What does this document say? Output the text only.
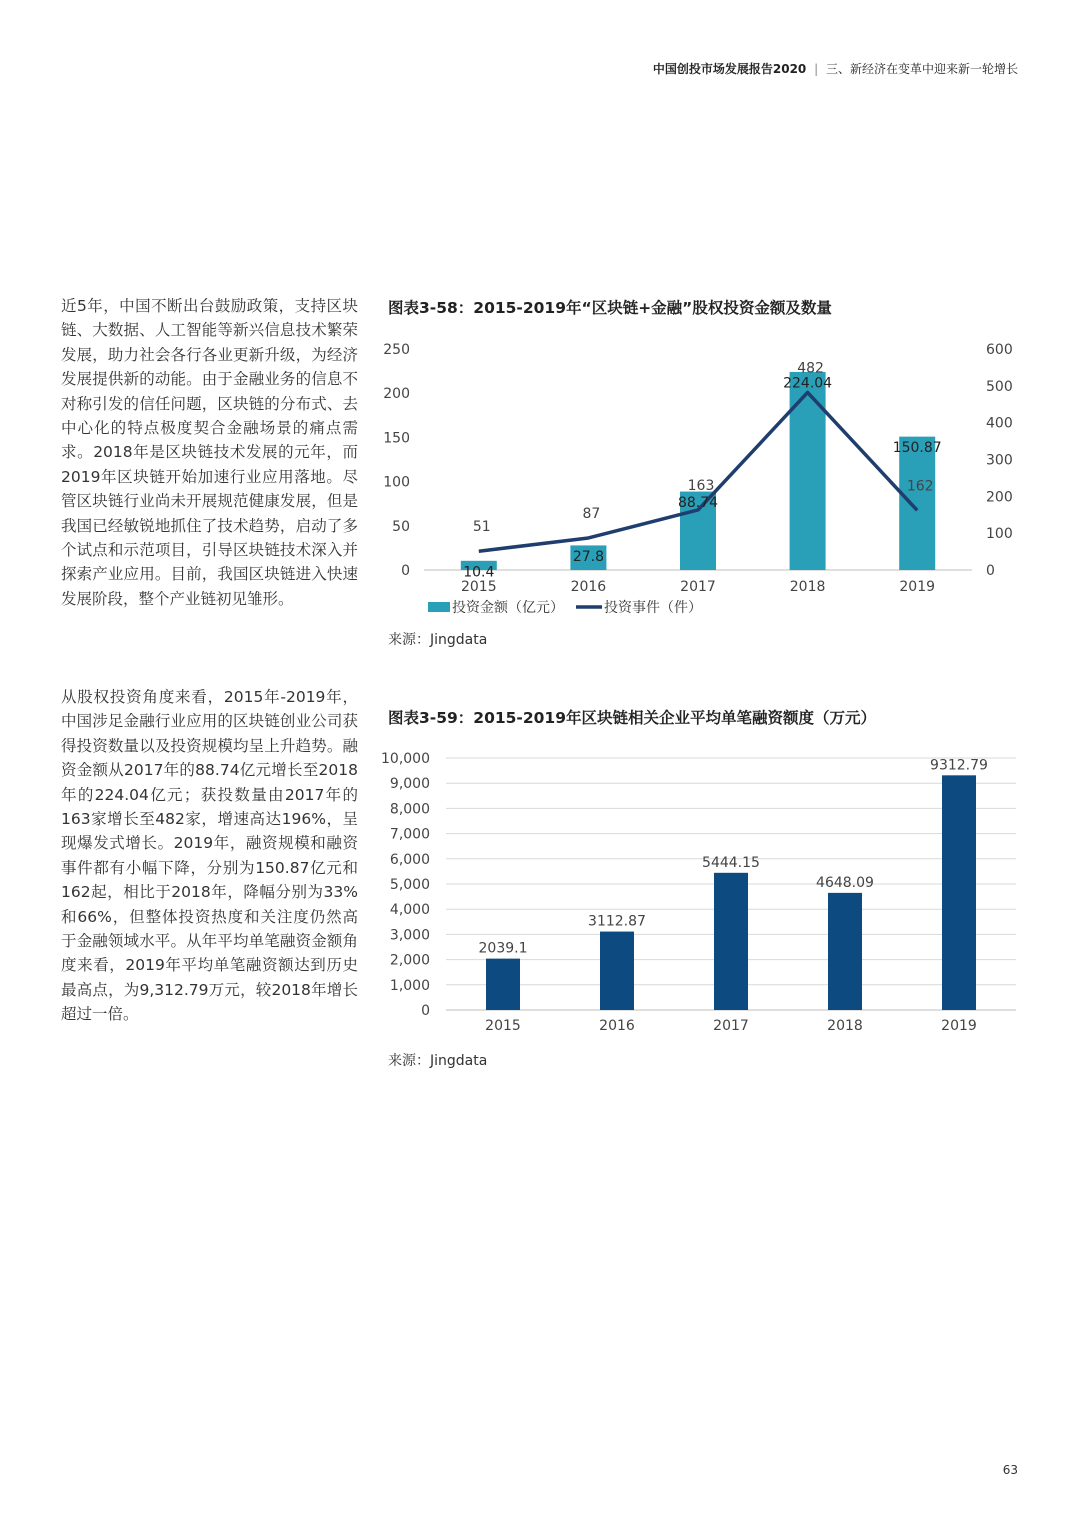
中国创投市场发展报告2020 | 三、新经济在变革中迎来新一轮增长

近5年，中国不断出台鼓励政策，支持区块链、大数据、人工智能等新兴信息技术繁荣发展，助力社会各行各业更新升级，为经济发展提供新的动能。由于金融业务的信息不对称引发的信任问题，区块链的分布式、去中心化的特点极度契合金融场景的痛点需求。2018年是区块链技术发展的元年，而2019年区块链开始加速行业应用落地。尽管区块链行业尚未开展规范健康发展，但是我国已经敏锐地抓住了技术趋势，启动了多个试点和示范项目，引导区块链技术深入并探索产业应用。目前，我国区块链进入快速发展阶段，整个产业链初见雏形。

从股权投资角度来看，2015年-2019年，中国涉足金融行业应用的区块链创业公司获得投资数量以及投资规模均呈上升趋势。融资金额从2017年的88.74亿元增长至2018年的224.04亿元；获投数量由2017年的163家增长至482家，增速高达196%，呈现爆发式增长。2019年，融资规模和融资事件都有小幅下降，分别为150.87亿元和162起，相比于2018年，降幅分别为33%和66%，但整体投资热度和关注度仍然高于金融领域水平。从年平均单笔融资金额角度来看，2019年平均单笔融资额达到历史最高点，为9,312.79万元，较2018年增长超过一倍。

图表3-58：2015-2019年“区块链+金融”股权投资金额及数量
0
50
100
150
200
250
0
100
200
300
400
500
600
2015	2016	2017	2018	2019
10.4
27.8
88.74
224.04
150.87
51
87
163
482
162
投资金额（亿元）	投资事件（件）
来源：Jingdata
图表3-59：2015-2019年区块链相关企业平均单笔融资额度（万元）
0
1,000
2,000
3,000
4,000
5,000
6,000
7,000
8,000
9,000
10,000
2039.1
3112.87
5444.15
4648.09
9312.79
2015	2016	2017	2018	2019
来源：Jingdata
63
